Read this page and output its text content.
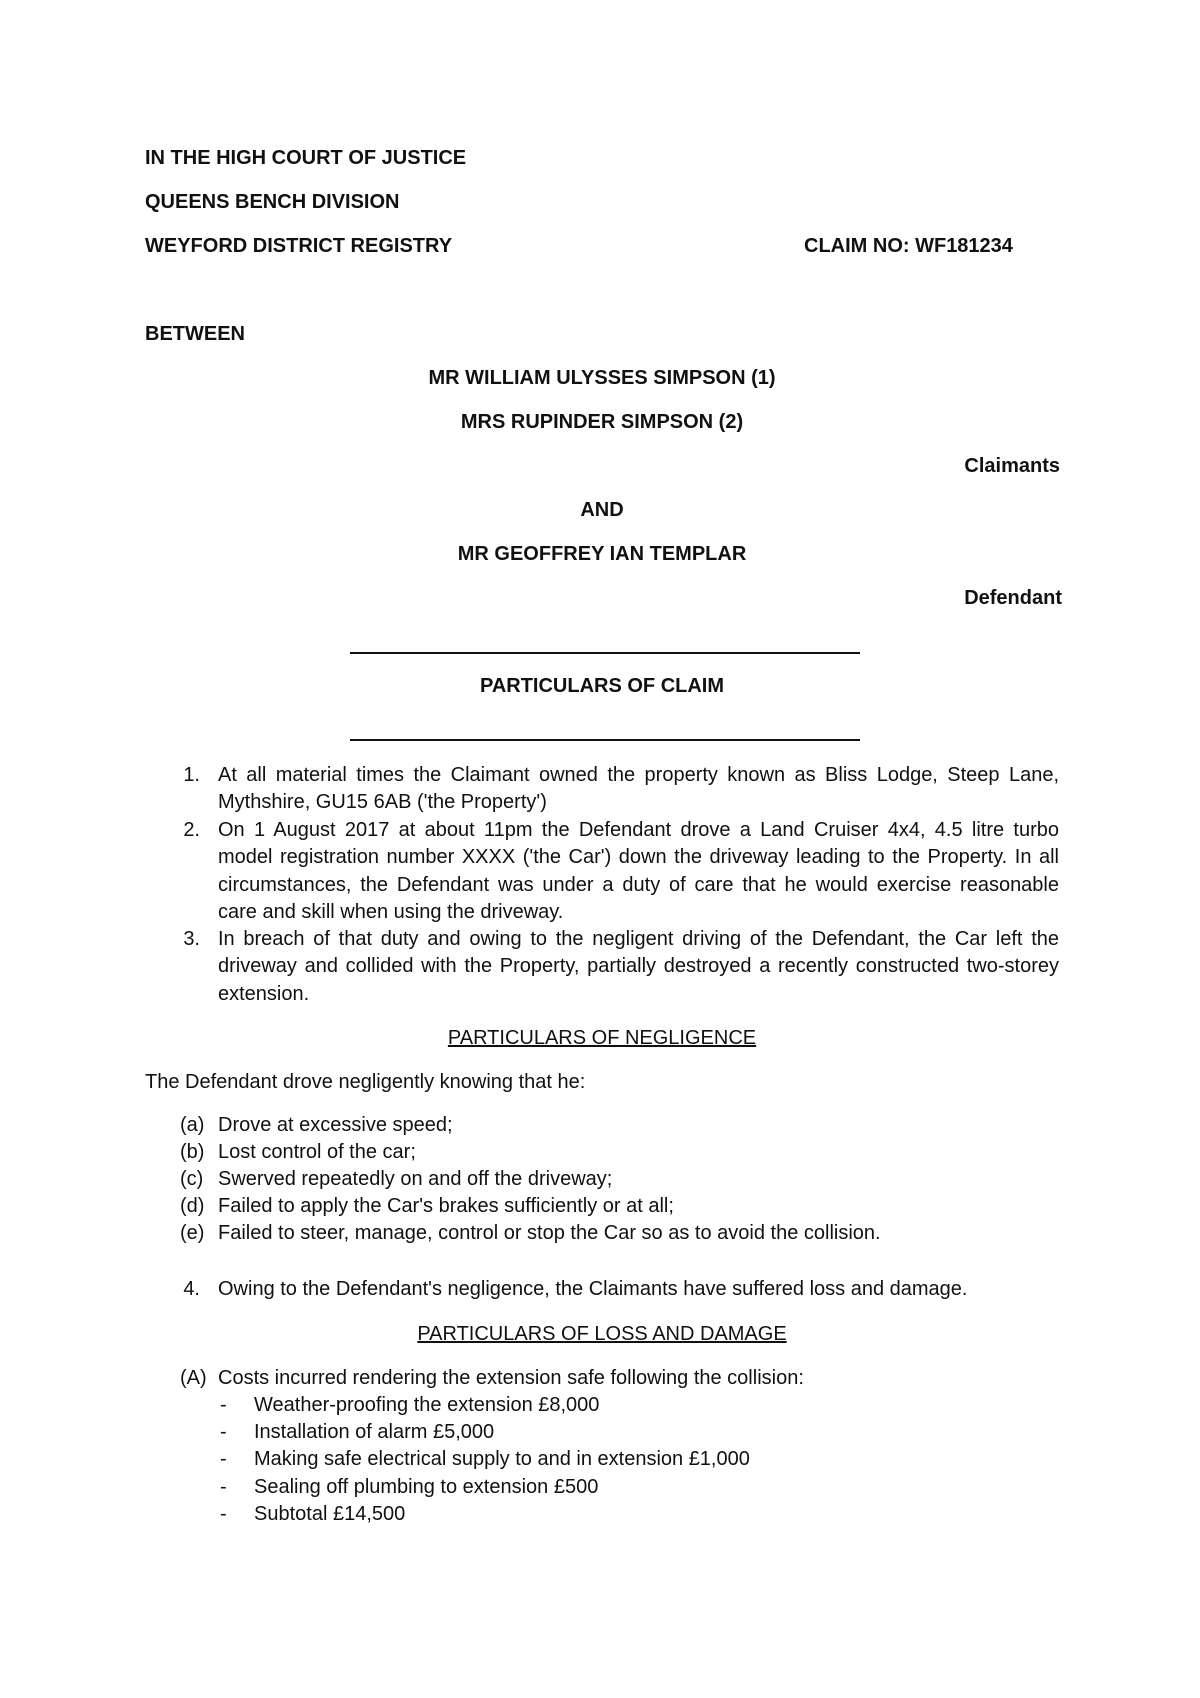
IN THE HIGH COURT OF JUSTICE
QUEENS BENCH DIVISION
WEYFORD DISTRICT REGISTRY	CLAIM NO: WF181234
BETWEEN
MR WILLIAM ULYSSES SIMPSON (1)
MRS RUPINDER SIMPSON (2)
Claimants
AND
MR GEOFFREY IAN TEMPLAR
Defendant
PARTICULARS OF CLAIM
1. At all material times the Claimant owned the property known as Bliss Lodge, Steep Lane, Mythshire, GU15 6AB ('the Property')
2. On 1 August 2017 at about 11pm the Defendant drove a Land Cruiser 4x4, 4.5 litre turbo model registration number XXXX ('the Car') down the driveway leading to the Property. In all circumstances, the Defendant was under a duty of care that he would exercise reasonable care and skill when using the driveway.
3. In breach of that duty and owing to the negligent driving of the Defendant, the Car left the driveway and collided with the Property, partially destroyed a recently constructed two-storey extension.
PARTICULARS OF NEGLIGENCE
The Defendant drove negligently knowing that he:
(a) Drove at excessive speed;
(b) Lost control of the car;
(c) Swerved repeatedly on and off the driveway;
(d) Failed to apply the Car's brakes sufficiently or at all;
(e) Failed to steer, manage, control or stop the Car so as to avoid the collision.
4. Owing to the Defendant's negligence, the Claimants have suffered loss and damage.
PARTICULARS OF LOSS AND DAMAGE
(A) Costs incurred rendering the extension safe following the collision:
- Weather-proofing the extension £8,000
- Installation of alarm £5,000
- Making safe electrical supply to and in extension £1,000
- Sealing off plumbing to extension £500
- Subtotal £14,500
